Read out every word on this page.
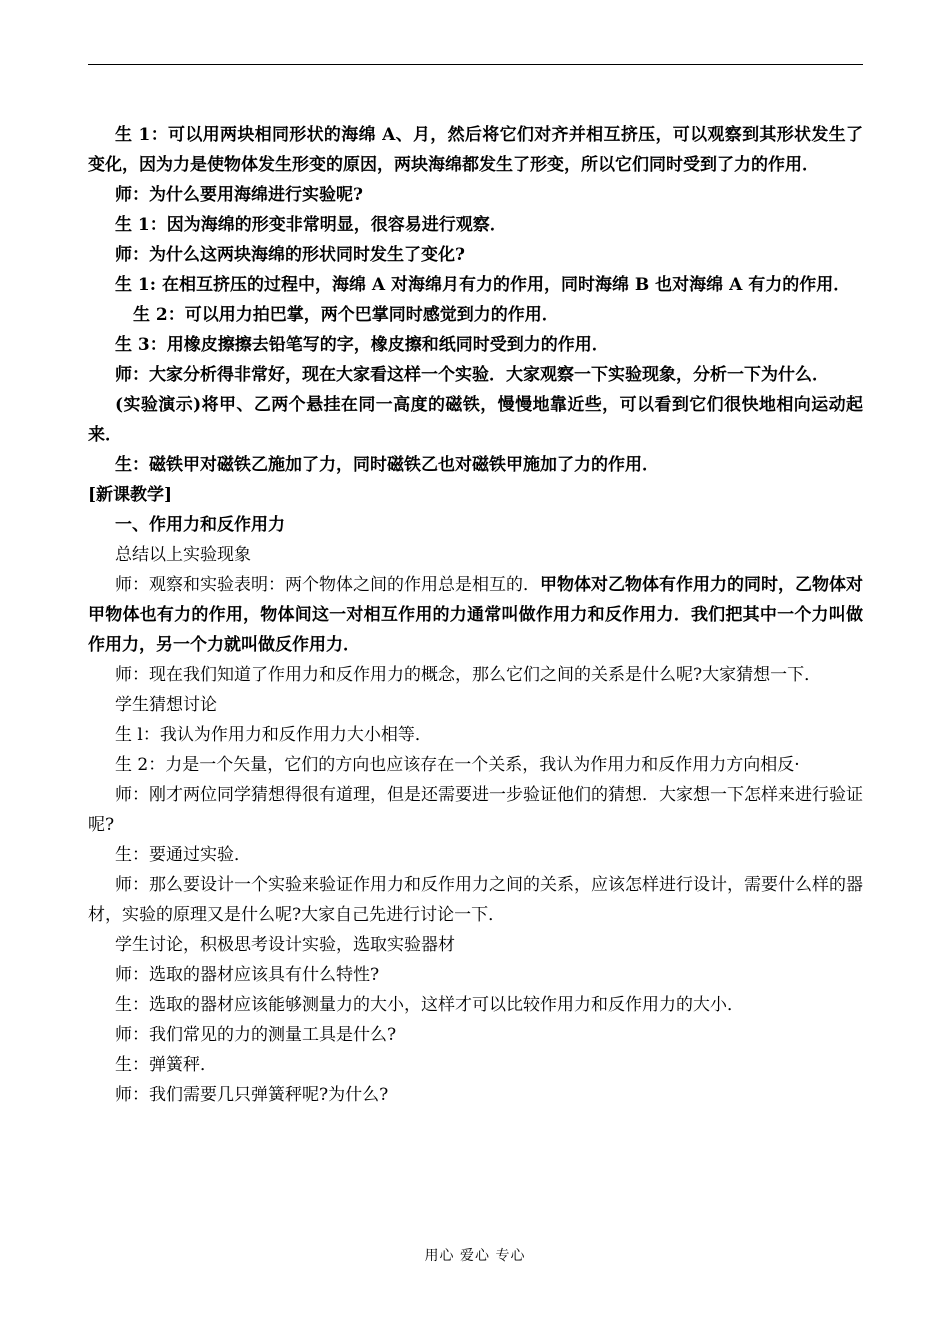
生 1：可以用两块相同形状的海绵 A、月，然后将它们对齐并相互挤压，可以观察到其形状发生了变化，因为力是使物体发生形变的原因，两块海绵都发生了形变，所以它们同时受到了力的作用．

师：为什么要用海绵进行实验呢?

生 1：因为海绵的形变非常明显，很容易进行观察．

师：为什么这两块海绵的形状同时发生了变化?

生 1: 在相互挤压的过程中，海绵 A 对海绵月有力的作用，同时海绵 B 也对海绵 A 有力的作用．

生 2：可以用力拍巴掌，两个巴掌同时感觉到力的作用．

生 3：用橡皮擦擦去铅笔写的字，橡皮擦和纸同时受到力的作用．

师：大家分析得非常好，现在大家看这样一个实验．大家观察一下实验现象，分析一下为什么．

(实验演示)将甲、乙两个悬挂在同一高度的磁铁，慢慢地靠近些，可以看到它们很快地相向运动起来．

生：磁铁甲对磁铁乙施加了力，同时磁铁乙也对磁铁甲施加了力的作用．

[新课教学]

一、作用力和反作用力

总结以上实验现象

师：观察和实验表明：两个物体之间的作用总是相互的．甲物体对乙物体有作用力的同时，乙物体对甲物体也有力的作用，物体间这一对相互作用的力通常叫做作用力和反作用力．我们把其中一个力叫做作用力，另一个力就叫做反作用力．

师：现在我们知道了作用力和反作用力的概念，那么它们之间的关系是什么呢?大家猜想一下．

学生猜想讨论

生 l：我认为作用力和反作用力大小相等．

生 2：力是一个矢量，它们的方向也应该存在一个关系，我认为作用力和反作用力方向相反·

师：刚才两位同学猜想得很有道理，但是还需要进一步验证他们的猜想．大家想一下怎样来进行验证呢?

生：要通过实验．

师：那么要设计一个实验来验证作用力和反作用力之间的关系，应该怎样进行设计，需要什么样的器材，实验的原理又是什么呢?大家自己先进行讨论一下．

学生讨论，积极思考设计实验，选取实验器材

师：选取的器材应该具有什么特性?

生：选取的器材应该能够测量力的大小，这样才可以比较作用力和反作用力的大小．

师：我们常见的力的测量工具是什么?

生：弹簧秤．

师：我们需要几只弹簧秤呢?为什么?

用心 爱心 专心
